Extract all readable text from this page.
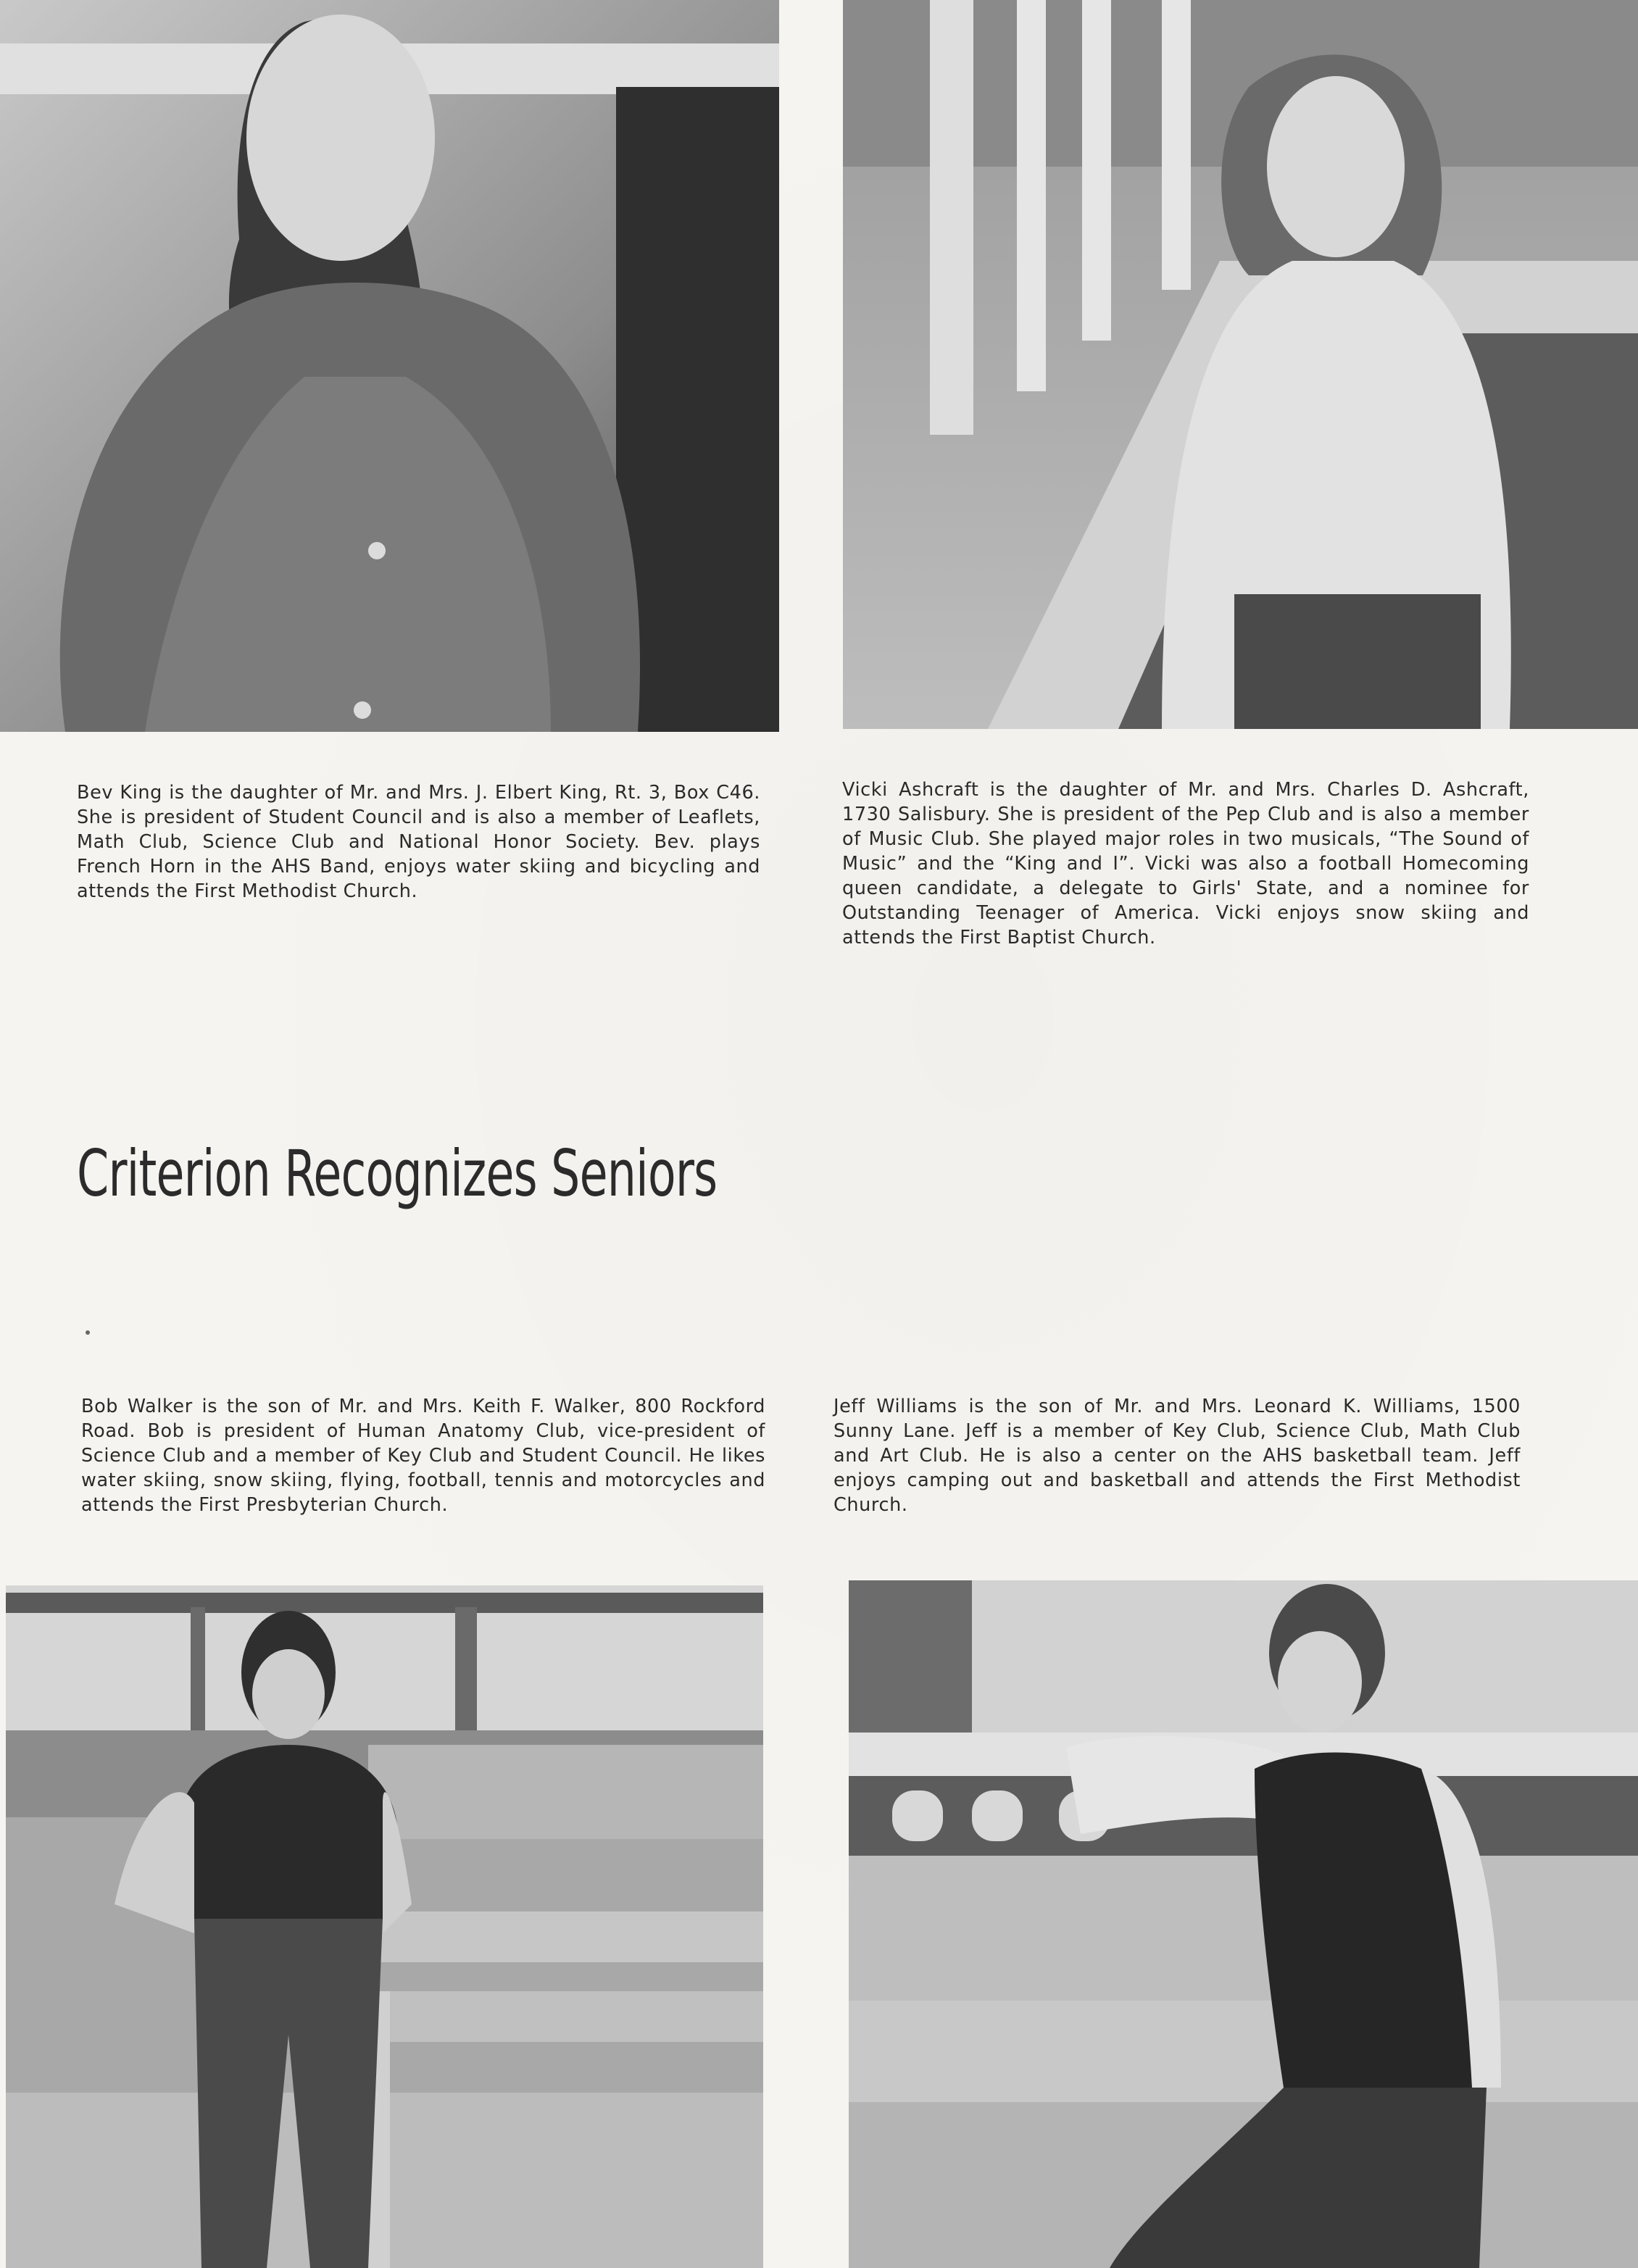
Bev King is the daughter of Mr. and Mrs. J. Elbert King, Rt. 3, Box C46. She is president of Student Council and is also a member of Leaflets, Math Club, Science Club and National Honor Society. Bev. plays French Horn in the AHS Band, enjoys water skiing and bicycling and attends the First Methodist Church.

Vicki Ashcraft is the daughter of Mr. and Mrs. Charles D. Ashcraft, 1730 Salisbury. She is president of the Pep Club and is also a member of Music Club. She played major roles in two musicals, “The Sound of Music” and the “King and I”. Vicki was also a football Homecoming queen candidate, a delegate to Girls' State, and a nominee for Outstanding Teenager of America. Vicki enjoys snow skiing and attends the First Baptist Church.

Criterion Recognizes Seniors

Bob Walker is the son of Mr. and Mrs. Keith F. Walker, 800 Rockford Road. Bob is president of Human Anatomy Club, vice-president of Science Club and a member of Key Club and Student Council. He likes water skiing, snow skiing, flying, football, tennis and motorcycles and attends the First Presbyterian Church.

Jeff Williams is the son of Mr. and Mrs. Leonard K. Williams, 1500 Sunny Lane. Jeff is a member of Key Club, Science Club, Math Club and Art Club. He is also a center on the AHS basketball team. Jeff enjoys camping out and basketball and attends the First Methodist Church.
